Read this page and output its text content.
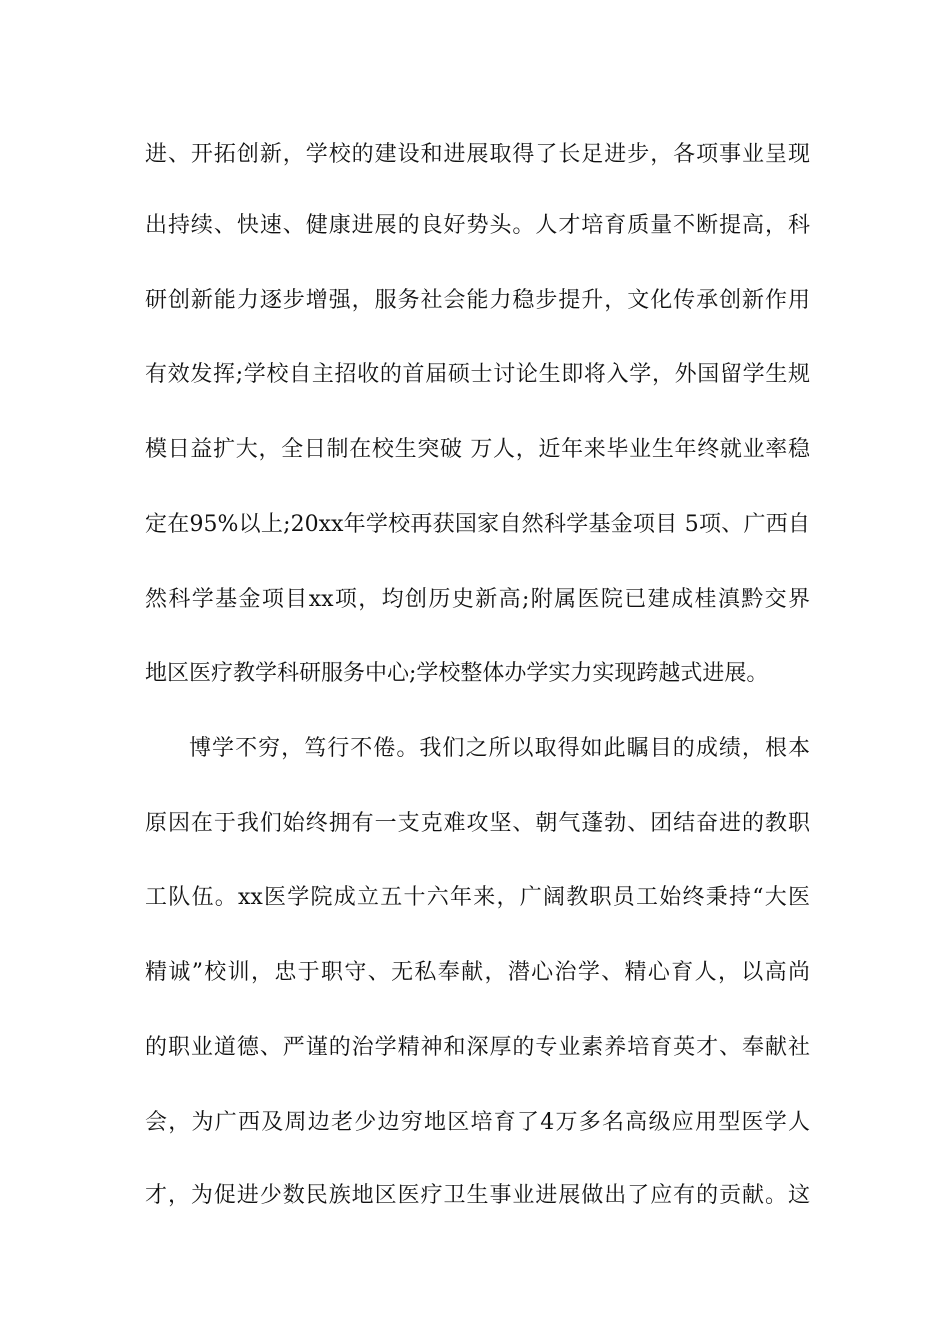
进、开拓创新，学校的建设和进展取得了长足进步，各项事业呈现
出持续、快速、健康进展的良好势头。人才培育质量不断提高，科
研创新能力逐步增强，服务社会能力稳步提升，文化传承创新作用
有效发挥;学校自主招收的首届硕士讨论生即将入学，外国留学生规
模日益扩大，全日制在校生突破 万人，近年来毕业生年终就业率稳
定在95%以上;20xx年学校再获国家自然科学基金项目 5项、广西自
然科学基金项目xx项，均创历史新高;附属医院已建成桂滇黔交界
地区医疗教学科研服务中心;学校整体办学实力实现跨越式进展。
博学不穷，笃行不倦。我们之所以取得如此瞩目的成绩，根本
原因在于我们始终拥有一支克难攻坚、朝气蓬勃、团结奋进的教职
工队伍。xx医学院成立五十六年来，广阔教职员工始终秉持“大医
精诚”校训，忠于职守、无私奉献，潜心治学、精心育人，以高尚
的职业道德、严谨的治学精神和深厚的专业素养培育英才、奉献社
会，为广西及周边老少边穷地区培育了4万多名高级应用型医学人
才，为促进少数民族地区医疗卫生事业进展做出了应有的贡献。这
